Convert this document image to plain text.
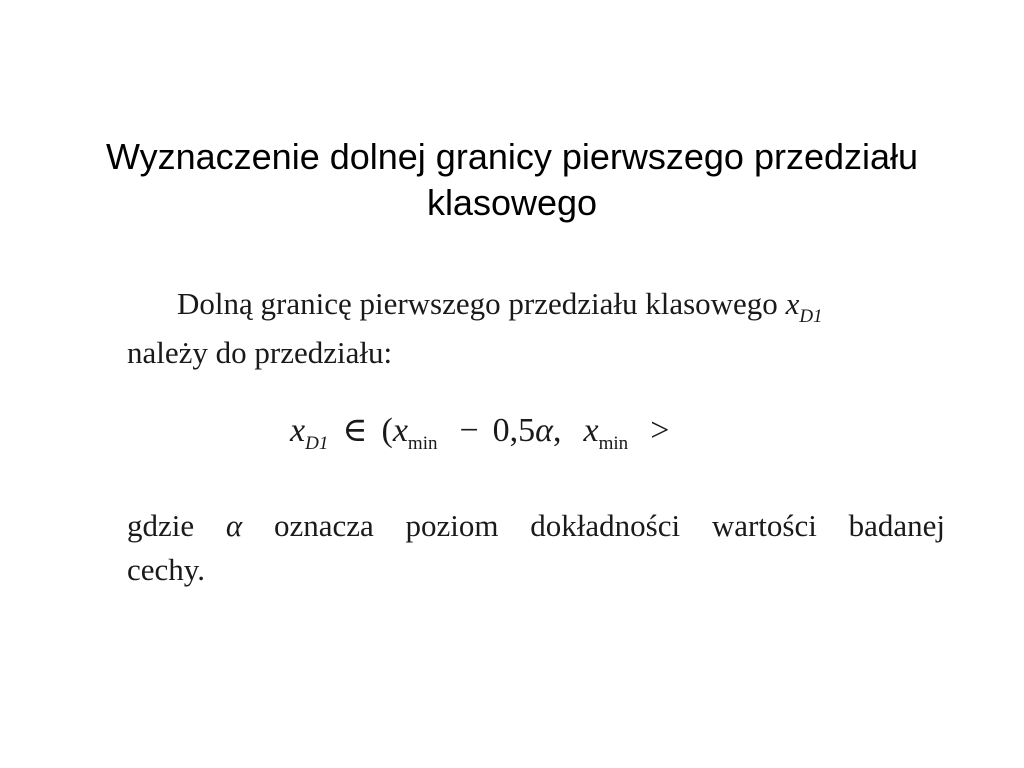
Wyznaczenie dolnej granicy pierwszego przedziału
klasowego
Dolną granicę pierwszego przedziału klasowego $x_{D1}$
należy do przedziału:
$x_{D1}$ ∈ ($x_{min} - 0,5\alpha$, $x_{min}$ >
gdzie α oznacza poziom dokładności wartości badanej
cechy.
